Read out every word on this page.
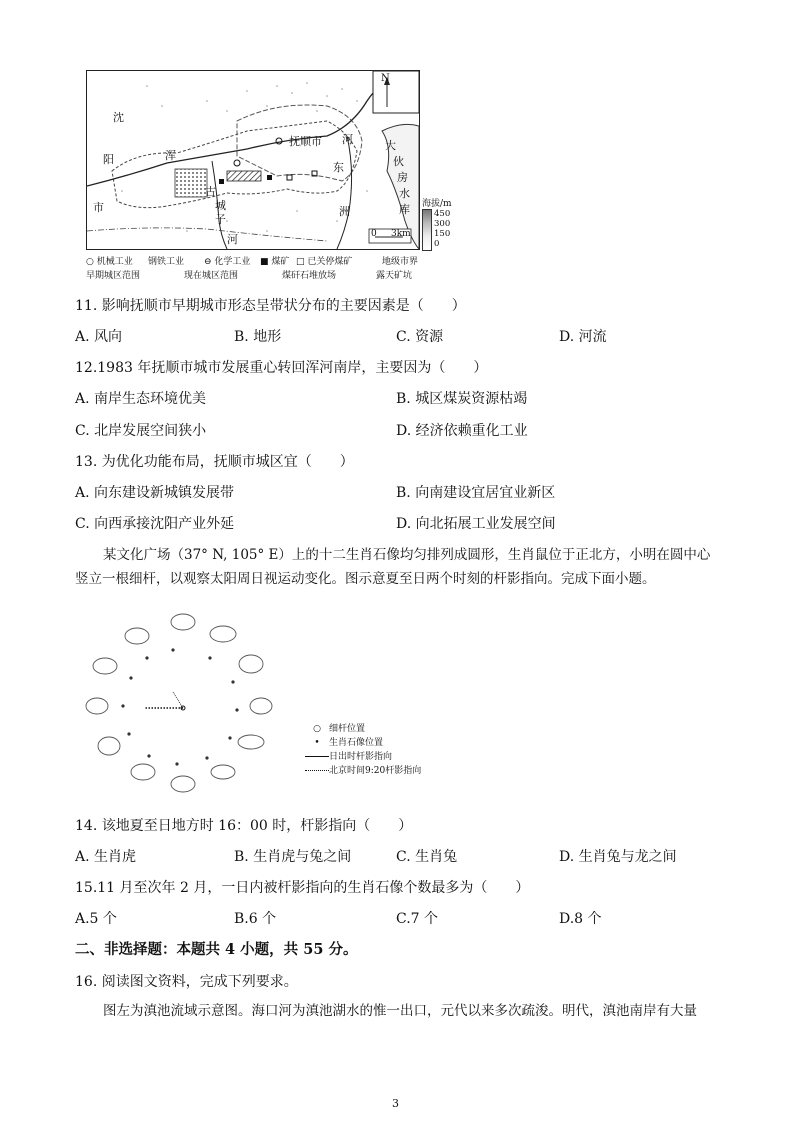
沈
阳
市
抚顺市
浑
河
东
洲
古
城
子
河
大
伙
房
水
库
N
0 3km
海拔/m
450
300
150
0
○ 机械工业 钢铁工业 ⊖ 化学工业 ■ 煤矿 □ 已关停煤矿	地级市界
早期城区范围	现在城区范围	煤矸石堆放场	露天矿坑
11. 影响抚顺市早期城市形态呈带状分布的主要因素是（　　）
A. 风向	B. 地形	C. 资源	D. 河流
12.1983 年抚顺市城市发展重心转回浑河南岸，主要因为（　　）
A. 南岸生态环境优美	B. 城区煤炭资源枯竭
C. 北岸发展空间狭小	D. 经济依赖重化工业
13. 为优化功能布局，抚顺市城区宜（　　）
A. 向东建设新城镇发展带	B. 向南建设宜居宜业新区
C. 向西承接沈阳产业外延	D. 向北拓展工业发展空间
某文化广场（37° N, 105° E）上的十二生肖石像均匀排列成圆形，生肖鼠位于正北方，小明在圆中心竖立一根细杆，以观察太阳周日视运动变化。图示意夏至日两个时刻的杆影指向。完成下面小题。
○ 细杆位置
• 生肖石像位置
日出时杆影指向
北京时间9:20杆影指向
14. 该地夏至日地方时 16：00 时，杆影指向（　　）
A. 生肖虎	B. 生肖虎与兔之间	C. 生肖兔	D. 生肖兔与龙之间
15.11 月至次年 2 月，一日内被杆影指向的生肖石像个数最多为（　　）
A.5 个	B.6 个	C.7 个	D.8 个
二、非选择题：本题共 4 小题，共 55 分。
16. 阅读图文资料，完成下列要求。
图左为滇池流域示意图。海口河为滇池湖水的惟一出口，元代以来多次疏浚。明代，滇池南岸有大量
3
